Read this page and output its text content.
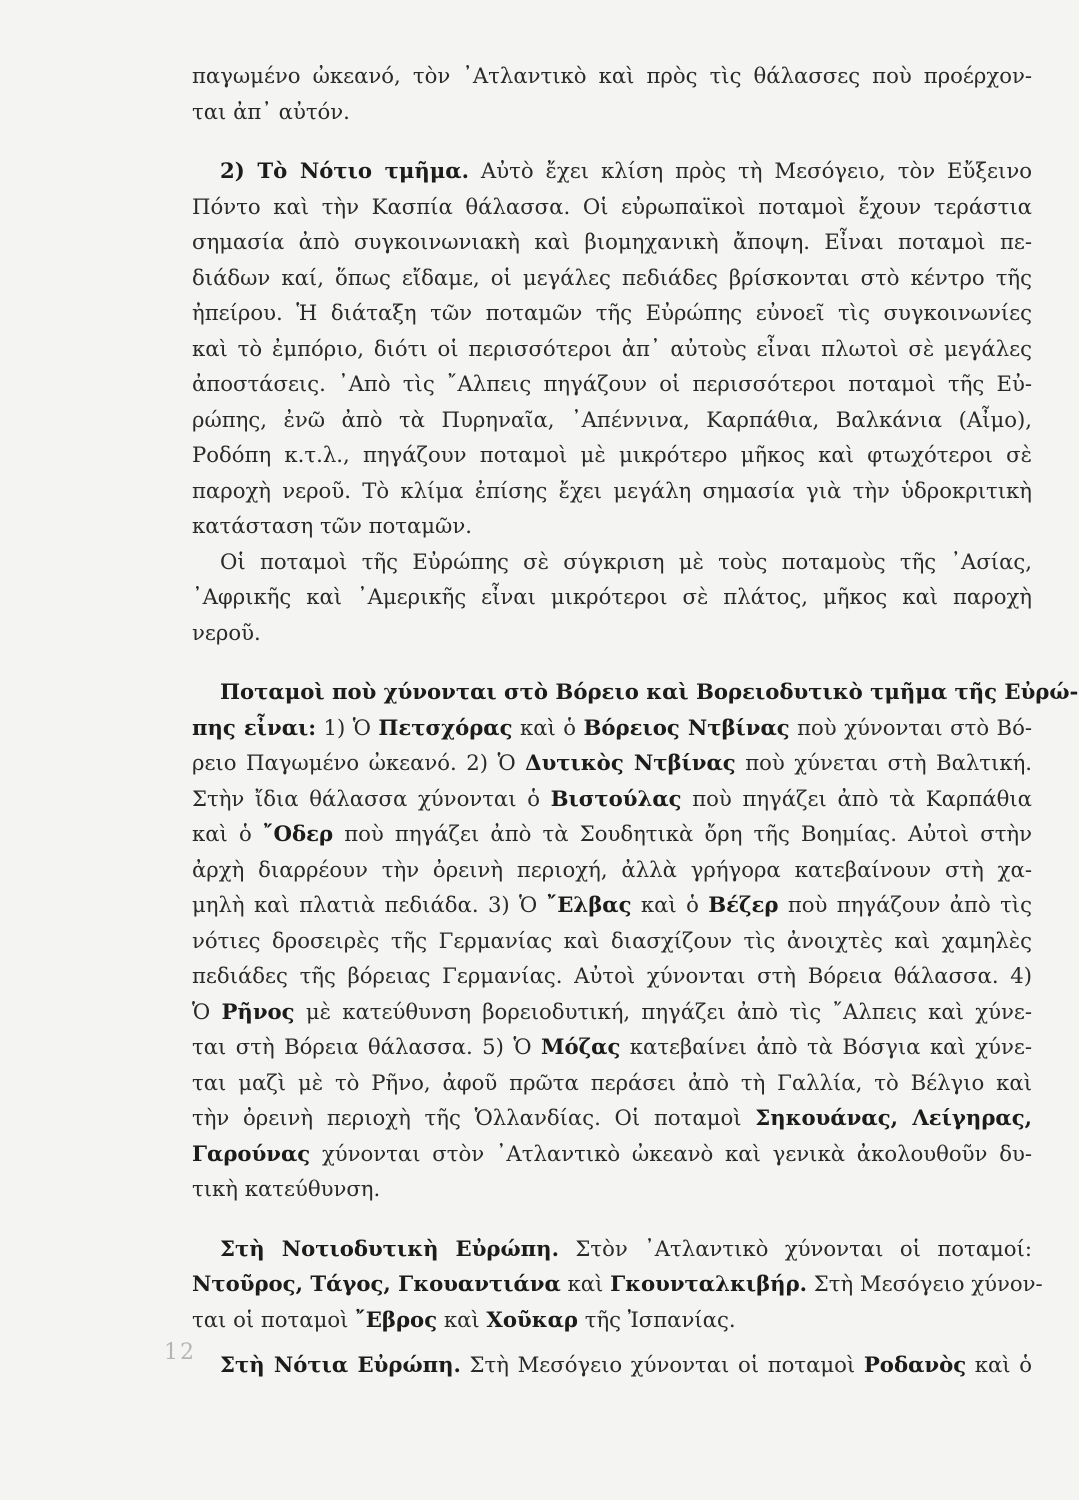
παγωμένο ὠκεανό, τὸν ᾿Ατλαντικὸ καὶ πρὸς τὶς θάλασσες ποὺ προέρχον-
ται ἀπ᾿ αὐτόν.

2) Τὸ Νότιο τμῆμα. Αὐτὸ ἔχει κλίση πρὸς τὴ Μεσόγειο, τὸν Εὔξεινο
Πόντο καὶ τὴν Κασπία θάλασσα. Οἱ εὐρωπαϊκοὶ ποταμοὶ ἔχουν τεράστια
σημασία ἀπὸ συγκοινωνιακὴ καὶ βιομηχανικὴ ἄποψη. Εἶναι ποταμοὶ πε-
διάδων καί, ὅπως εἴδαμε, οἱ μεγάλες πεδιάδες βρίσκονται στὸ κέντρο τῆς
ἠπείρου. Ἡ διάταξη τῶν ποταμῶν τῆς Εὐρώπης εὐνοεῖ τὶς συγκοινωνίες
καὶ τὸ ἐμπόριο, διότι οἱ περισσότεροι ἀπ᾿ αὐτοὺς εἶναι πλωτοὶ σὲ μεγάλες
ἀποστάσεις. ᾿Απὸ τὶς ῎Αλπεις πηγάζουν οἱ περισσότεροι ποταμοὶ τῆς Εὐ-
ρώπης, ἐνῶ ἀπὸ τὰ Πυρηναῖα, ᾿Απέννινα, Καρπάθια, Βαλκάνια (Αἶμο),
Ροδόπη κ.τ.λ., πηγάζουν ποταμοὶ μὲ μικρότερο μῆκος καὶ φτωχότεροι σὲ
παροχὴ νεροῦ. Τὸ κλίμα ἐπίσης ἔχει μεγάλη σημασία γιὰ τὴν ὑδροκριτικὴ
κατάσταση τῶν ποταμῶν.

Οἱ ποταμοὶ τῆς Εὐρώπης σὲ σύγκριση μὲ τοὺς ποταμοὺς τῆς ᾿Ασίας,
᾿Αφρικῆς καὶ ᾿Αμερικῆς εἶναι μικρότεροι σὲ πλάτος, μῆκος καὶ παροχὴ
νεροῦ.

Ποταμοὶ ποὺ χύνονται στὸ Βόρειο καὶ Βορειοδυτικὸ τμῆμα τῆς Εὐρώ-
πης εἶναι: 1) Ὁ Πετσχόρας καὶ ὁ Βόρειος Ντβίνας ποὺ χύνονται στὸ Βό-
ρειο Παγωμένο ὠκεανό. 2) Ὁ Δυτικὸς Ντβίνας ποὺ χύνεται στὴ Βαλτική.
Στὴν ἴδια θάλασσα χύνονται ὁ Βιστούλας ποὺ πηγάζει ἀπὸ τὰ Καρπάθια
καὶ ὁ ῎Οδερ ποὺ πηγάζει ἀπὸ τὰ Σουδητικὰ ὄρη τῆς Βοημίας. Αὐτοὶ στὴν
ἀρχὴ διαρρέουν τὴν ὀρεινὴ περιοχή, ἀλλὰ γρήγορα κατεβαίνουν στὴ χα-
μηλὴ καὶ πλατιὰ πεδιάδα. 3) Ὁ ῎Ελβας καὶ ὁ Βέζερ ποὺ πηγάζουν ἀπὸ τὶς
νότιες δροσειρὲς τῆς Γερμανίας καὶ διασχίζουν τὶς ἀνοιχτὲς καὶ χαμηλὲς
πεδιάδες τῆς βόρειας Γερμανίας. Αὐτοὶ χύνονται στὴ Βόρεια θάλασσα. 4)
Ὁ Ρῆνος μὲ κατεύθυνση βορειοδυτική, πηγάζει ἀπὸ τὶς ῎Αλπεις καὶ χύνε-
ται στὴ Βόρεια θάλασσα. 5) Ὁ Μόζας κατεβαίνει ἀπὸ τὰ Βόσγια καὶ χύνε-
ται μαζὶ μὲ τὸ Ρῆνο, ἀφοῦ πρῶτα περάσει ἀπὸ τὴ Γαλλία, τὸ Βέλγιο καὶ
τὴν ὀρεινὴ περιοχὴ τῆς Ὁλλανδίας. Οἱ ποταμοὶ Σηκουάνας, Λείγηρας,
Γαρούνας χύνονται στὸν ᾿Ατλαντικὸ ὠκεανὸ καὶ γενικὰ ἀκολουθοῦν δυ-
τικὴ κατεύθυνση.

Στὴ Νοτιοδυτικὴ Εὐρώπη. Στὸν ᾿Ατλαντικὸ χύνονται οἱ ποταμοί:
Ντοῦρος, Τάγος, Γκουαντιάνα καὶ Γκουνταλκιβήρ. Στὴ Μεσόγειο χύνον-
ται οἱ ποταμοὶ ῎Εβρος καὶ Χοῦκαρ τῆς Ἰσπανίας.

Στὴ Νότια Εὐρώπη. Στὴ Μεσόγειο χύνονται οἱ ποταμοὶ Ροδανὸς καὶ ὁ

12
